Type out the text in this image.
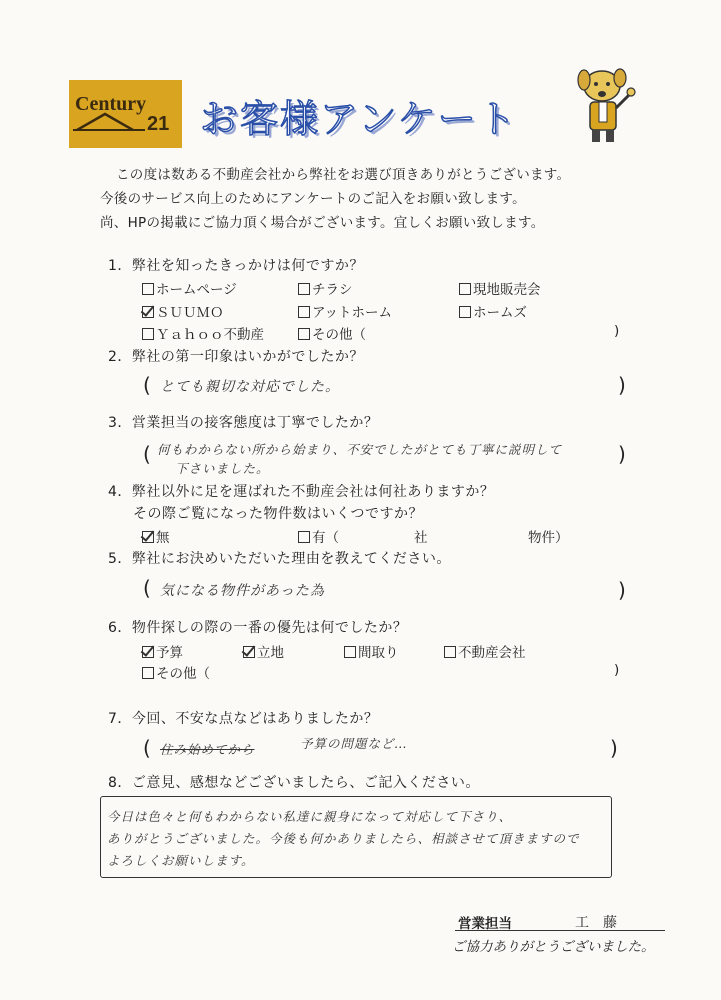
Century
21 お客様アンケート
この度は数ある不動産会社から弊社をお選び頂きありがとうございます。
今後のサービス向上のためにアンケートのご記入をお願い致します。
尚、HPの掲載にご協力頂く場合がございます。宜しくお願い致します。
1．弊社を知ったきっかけは何ですか？
ホームページ	チラシ	現地販売会
ＳＵＵＭＯ	アットホーム	ホームズ
Ｙａｈｏｏ不動産	その他（	)
2．弊社の第一印象はいかがでしたか？
( とても親切な対応でした。	)
3．営業担当の接客態度は丁寧でしたか？
( 何もわからない所から始まり、不安でしたがとても丁寧に説明して
下さいました。
)
4．弊社以外に足を運ばれた不動産会社は何社ありますか？
その際ご覧になった物件数はいくつですか？
無	有（	社	物件）
5．弊社にお決めいただいた理由を教えてください。
( 気になる物件があった為	)
6．物件探しの際の一番の優先は何でしたか？
予算	立地	間取り	不動産会社
その他（	)
7．今回、不安な点などはありましたか？
( 住み始めてから	予算の問題など…	)
8．ご意見、感想などございましたら、ご記入ください。
今日は色々と何もわからない私達に親身になって対応して下さり、
ありがとうございました。今後も何かありましたら、相談させて頂きますので
よろしくお願いします。
営業担当	工　藤
ご協力ありがとうございました。
